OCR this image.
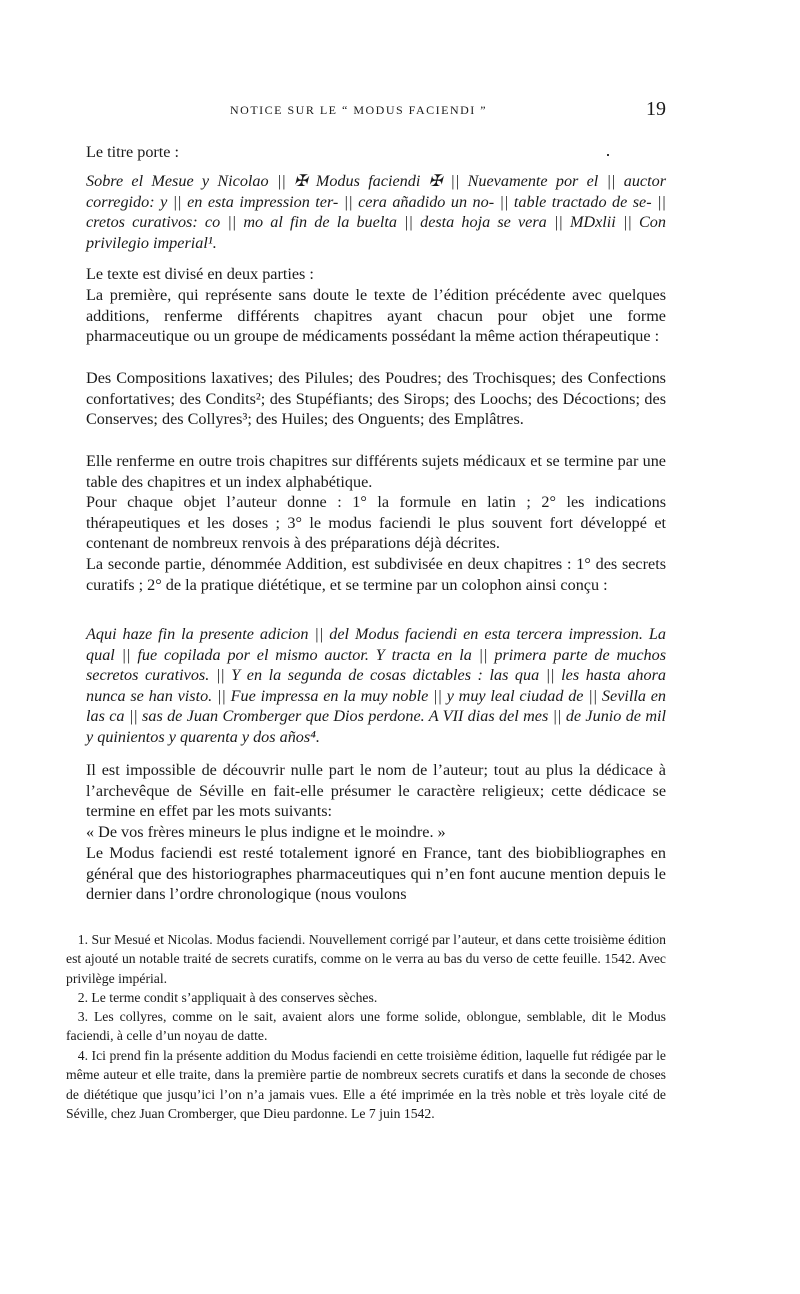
NOTICE SUR LE “ MODUS FACIENDI ”	19

Le titre porte :

Sobre el Mesue y Nicolao || ✠ Modus faciendi ✠ || Nuevamente por el || auctor corregido: y || en esta impression ter- || cera añadido un no- || table tractado de se- || cretos curativos: co || mo al fin de la buelta || desta hoja se vera || MDxlii || Con privilegio imperial¹.

Le texte est divisé en deux parties :

La première, qui représente sans doute le texte de l’édition précédente avec quelques additions, renferme différents chapitres ayant chacun pour objet une forme pharmaceutique ou un groupe de médicaments possédant la même action thérapeutique :

Des Compositions laxatives; des Pilules; des Poudres; des Trochisques; des Confections confortatives; des Condits²; des Stupéfiants; des Sirops; des Loochs; des Décoctions; des Conserves; des Collyres³; des Huiles; des Onguents; des Emplâtres.

Elle renferme en outre trois chapitres sur différents sujets médicaux et se termine par une table des chapitres et un index alphabétique.

Pour chaque objet l’auteur donne : 1° la formule en latin ; 2° les indications thérapeutiques et les doses ; 3° le modus faciendi le plus souvent fort développé et contenant de nombreux renvois à des préparations déjà décrites.

La seconde partie, dénommée Addition, est subdivisée en deux chapitres : 1° des secrets curatifs ; 2° de la pratique diététique, et se termine par un colophon ainsi conçu :

Aqui haze fin la presente adicion || del Modus faciendi en esta tercera impression. La qual || fue copilada por el mismo auctor. Y tracta en la || primera parte de muchos secretos curativos. || Y en la segunda de cosas dictables : las qua || les hasta ahora nunca se han visto. || Fue impressa en la muy noble || y muy leal ciudad de || Sevilla en las ca || sas de Juan Cromberger que Dios perdone. A VII dias del mes || de Junio de mil y quinientos y quarenta y dos años⁴.

Il est impossible de découvrir nulle part le nom de l’auteur; tout au plus la dédicace à l’archevêque de Séville en fait-elle présumer le caractère religieux; cette dédicace se termine en effet par les mots suivants:

« De vos frères mineurs le plus indigne et le moindre. »

Le Modus faciendi est resté totalement ignoré en France, tant des biobibliographes en général que des historiographes pharmaceutiques qui n’en font aucune mention depuis le dernier dans l’ordre chronologique (nous voulons

1. Sur Mesué et Nicolas. Modus faciendi. Nouvellement corrigé par l’auteur, et dans cette troisième édition est ajouté un notable traité de secrets curatifs, comme on le verra au bas du verso de cette feuille. 1542. Avec privilège impérial.

2. Le terme condit s’appliquait à des conserves sèches.

3. Les collyres, comme on le sait, avaient alors une forme solide, oblongue, semblable, dit le Modus faciendi, à celle d’un noyau de datte.

4. Ici prend fin la présente addition du Modus faciendi en cette troisième édition, laquelle fut rédigée par le même auteur et elle traite, dans la première partie de nombreux secrets curatifs et dans la seconde de choses de diététique que jusqu’ici l’on n’a jamais vues. Elle a été imprimée en la très noble et très loyale cité de Séville, chez Juan Cromberger, que Dieu pardonne. Le 7 juin 1542.
